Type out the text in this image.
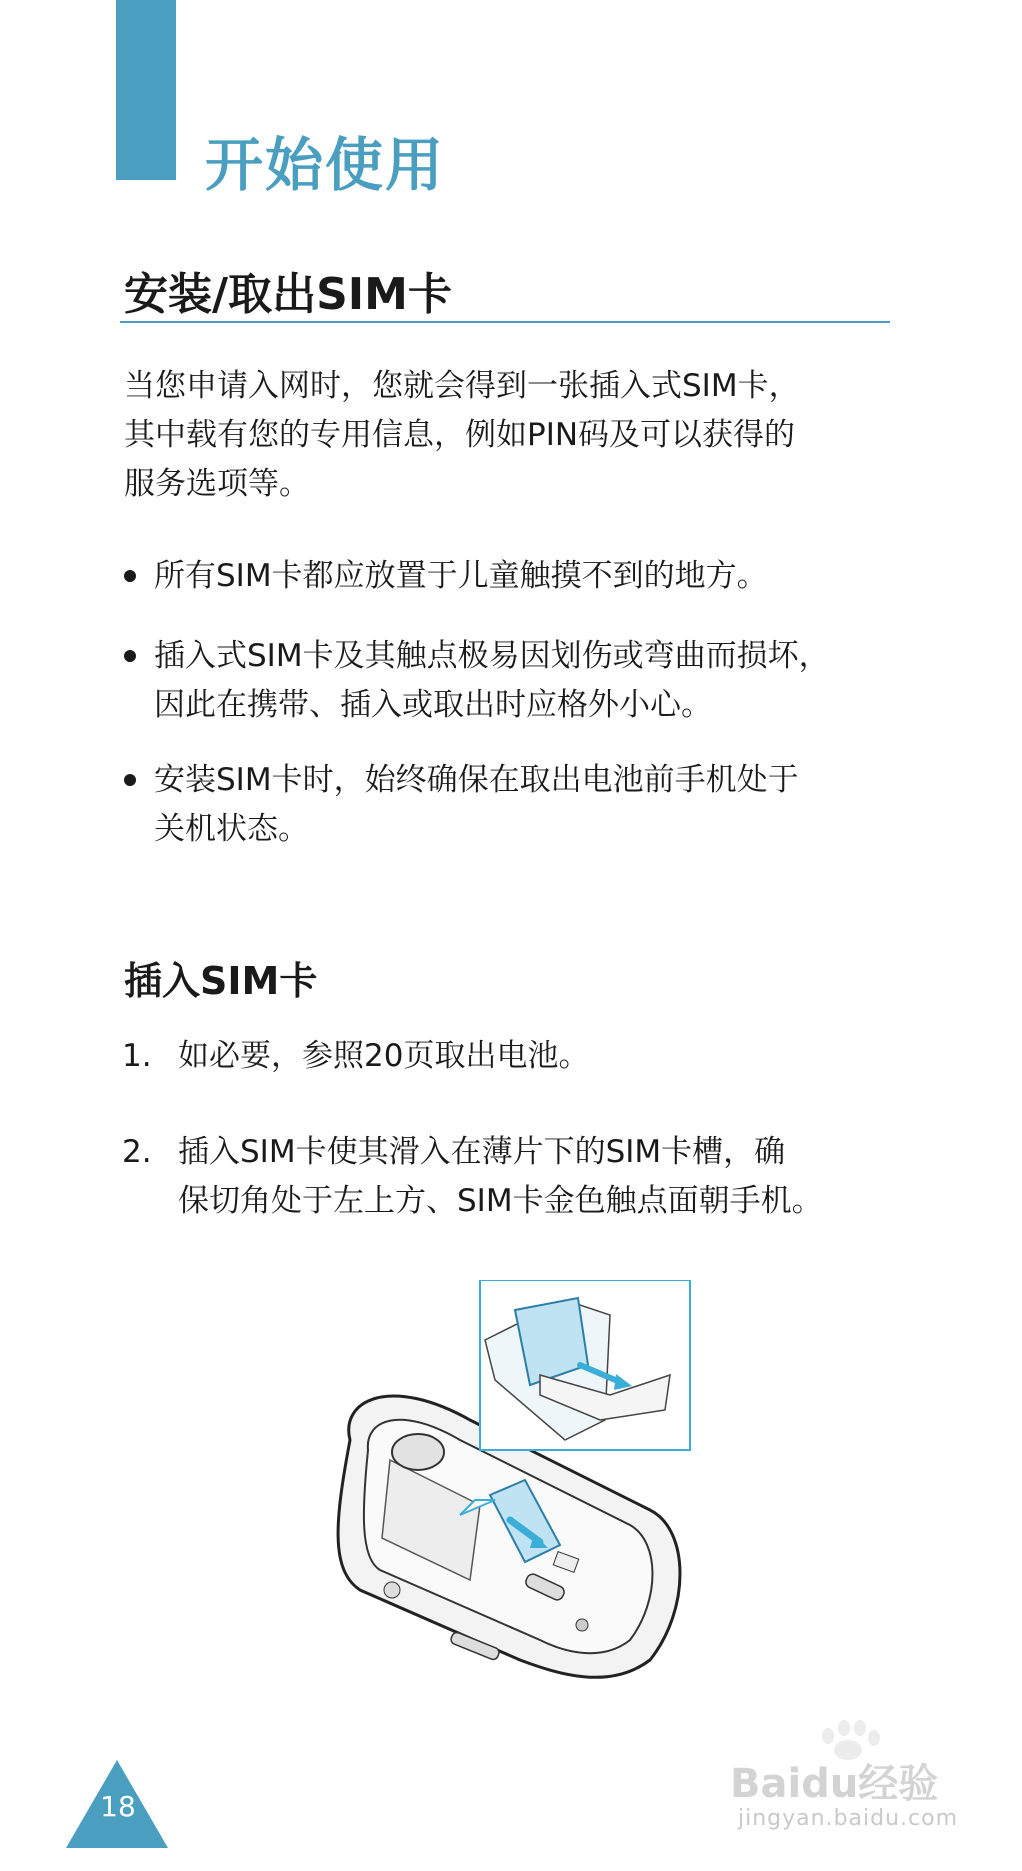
开始使用
安装/取出SIM卡
当您申请入网时，您就会得到一张插入式SIM卡，
其中载有您的专用信息，例如PIN码及可以获得的
服务选项等。
所有SIM卡都应放置于儿童触摸不到的地方。
插入式SIM卡及其触点极易因划伤或弯曲而损坏，
因此在携带、插入或取出时应格外小心。
安装SIM卡时，始终确保在取出电池前手机处于
关机状态。
插入SIM卡
1. 如必要，参照20页取出电池。
2. 插入SIM卡使其滑入在薄片下的SIM卡槽，确
保切角处于左上方、SIM卡金色触点面朝手机。
18	Baidu经验
jingyan.baidu.com
